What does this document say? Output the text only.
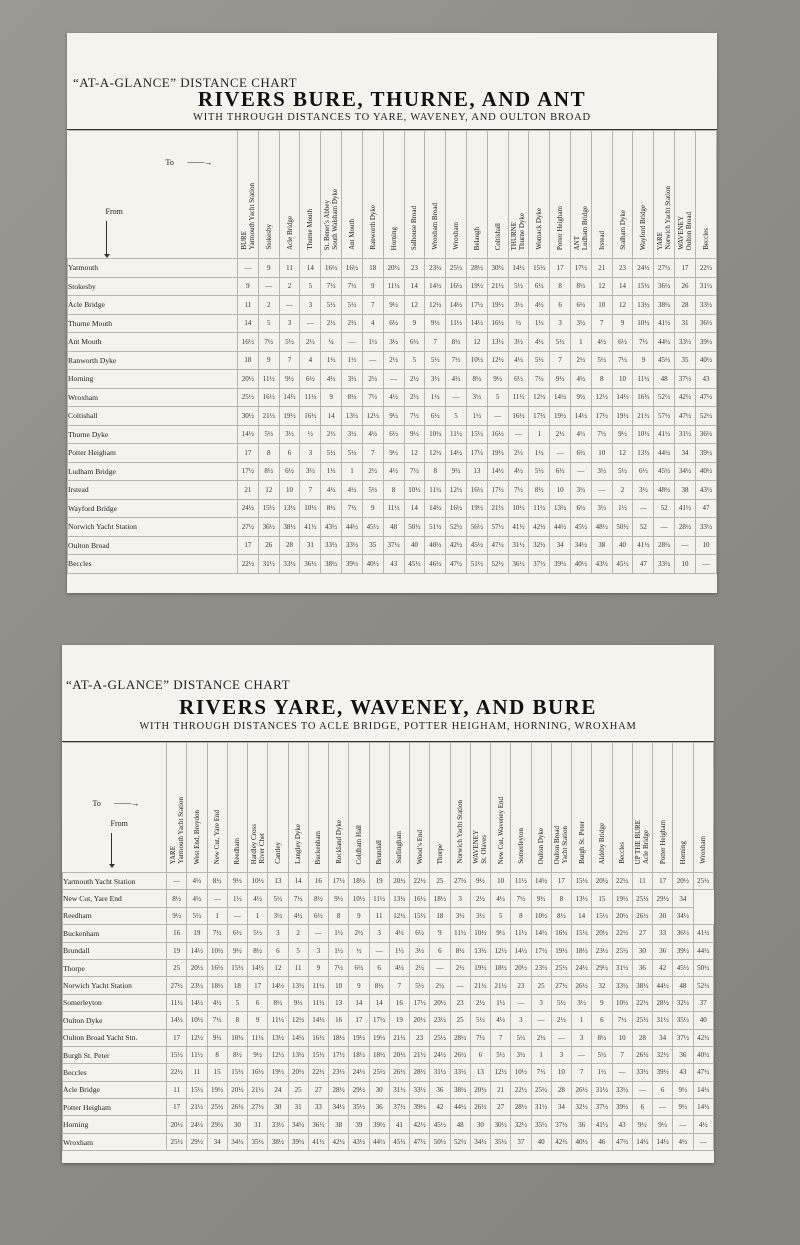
“AT-A-GLANCE” DISTANCE CHART
RIVERS BURE, THURNE, AND ANT
WITH THROUGH DISTANCES TO YARE, WAVENEY, AND OULTON BROAD
To ——→
From	BUREYarmouth Yacht Station	Stokesby	Acle Bridge	Thurne Mouth	St. Benet’s AbbeySouth Walsham Dyke	Ant Mouth	Ranworth Dyke	Horning	Salhouse Broad	Wroxham Broad	Wroxham	Belaugh	Coltishall	THURNEThurne Dyke	Womack Dyke	Potter Heigham	ANTLudham Bridge	Irstead	Stalham Dyke	Wayford Bridge	YARENorwich Yacht Station	WAVENEYOulton Broad	Beccles
Yarmouth	—	9	11	14	16½	16½	18	20½	23	23½	25½	28½	30½	14½	15½	17	17½	21	23	24½	27½	17	22½
Stokesby	9	—	2	5	7½	7½	9	11½	14	14½	16½	19½	21½	5½	6½	8	8½	12	14	15½	36½	26	31½
Acle Bridge	11	2	—	3	5½	5½	7	9½	12	12½	14½	17½	19½	3½	4½	6	6½	10	12	13½	38½	28	33½
Thurne Mouth	14	5	3	—	2½	2½	4	6½	9	9½	11½	14½	16½	½	1½	3	3½	7	9	10½	41½	31	36½
Ant Mouth	16½	7½	5½	2½	¼	—	1½	3½	6½	7	8½	12	13½	3½	4½	5½	1	4½	6½	7½	44½	33½	39½
Ranworth Dyke	18	9	7	4	1½	1½	—	2½	5	5½	7½	10½	12½	4½	5½	7	2½	5½	7½	9	45½	35	40½
Horning	20½	11½	9½	6½	4½	3½	2½	—	2½	3½	4½	8½	9½	6½	7½	9½	4½	8	10	11½	48	37½	43
Wroxham	25½	16½	14½	11½	9	8½	7½	4½	2½	1½	—	3½	5	11½	12½	14½	9½	12½	14½	16½	52½	42½	47½
Coltishall	30½	21½	19½	16½	14	13½	12½	9½	7½	6½	5	1½	—	16½	17½	19½	14½	17½	19½	21½	57½	47½	52½
Thurne Dyke	14½	5½	3½	½	2½	3½	4½	6½	9½	10½	11½	15½	16½	—	1	2½	4½	7½	9½	10½	41½	31½	36½
Potter Heigham	17	8	6	3	5½	5½	7	9½	12	12½	14½	17½	19½	2½	1½	—	6½	10	12	13½	44½	34	39½
Ludham Bridge	17½	8½	6½	3½	1½	1	2½	4½	7½	8	9½	13	14½	4½	5½	6½	—	3½	5½	6½	45½	34½	40½
Irstead	21	12	10	7	4½	4½	5½	8	10½	11½	12½	16½	17½	7½	8½	10	3½	—	2	3½	48½	38	43½
Wayford Bridge	24½	15½	13½	10½	8½	7½	9	11½	14	14½	16½	19½	21½	10½	11½	13½	6½	3½	1½	—	52	41½	47
Norwich Yacht Station	27½	36½	38½	41½	43½	44½	45½	48	50½	51½	52½	56½	57½	41½	42½	44½	45½	48½	50½	52	—	28½	33½
Oulton Broad	17	26	28	31	33½	33½	35	37½	40	40½	42½	45½	47½	31½	32½	34	34½	38	40	41½	28½	—	10
Beccles	22½	31½	33½	36½	38½	39½	40½	43	45½	46½	47½	51½	52½	36½	37½	39½	40½	43½	45½	47	33½	10	—
“AT-A-GLANCE” DISTANCE CHART
RIVERS YARE, WAVENEY, AND BURE
WITH THROUGH DISTANCES TO ACLE BRIDGE, POTTER HEIGHAM, HORNING, WROXHAM
To ——→
From	YAREYarmouth Yacht Station	West End, Breydon	New Cut, Yare End	Reedham	Hardley CrossRiver Chet	Cantley	Langley Dyke	Buckenham	Rockland Dyke	Coldham Hall	Brundall	Surlingham	Wood’s End	Thorpe	Norwich Yacht Station	WAVENEYSt. Olaves	New Cut, Waveney End	Somerleyton	Oulton Dyke	Oulton BroadYacht Station	Burgh St. Peter	Aldeby Bridge	Beccles	UP THE BUREAcle Bridge	Potter Heigham	Horning	Wroxham
Yarmouth Yacht Station	—	4½	8½	9½	10½	13	14	16	17½	18½	19	20½	22½	25	27½	9½	10	11½	14½	17	15½	20½	22½	11	17	20½	25½
New Cut, Yare End	8½	4½	—	1½	4½	5½	7½	8½	9½	10½	11½	13½	16½	18½	3	2½	4½	7½	9½	8	13½	15	19½	25½	29½	34	
Reedham	9½	5½	1	—	1	3½	4½	6½	8	9	11	12½	15½	18	3½	3½	5	8	10½	8½	14	15½	20½	26½	30	34½	
Buckenham	16	19	7½	6½	5½	3	2	—	1½	2½	3	4½	6½	9	11½	10½	9½	11½	14½	16½	15½	20½	22½	27	33	36½	41½
Brundall	19	14½	10½	9½	8½	6	5	3	1½	½	—	1½	3½	6	8½	13½	12½	14½	17½	19½	18½	23½	25½	30	36	39½	44½
Thorpe	25	20½	16½	15½	14½	12	11	9	7½	6½	6	4½	2½	—	2½	19½	18½	20½	23½	25½	24½	29½	31½	36	42	45½	50½
Norwich Yacht Station	27½	23½	18½	18	17	14½	13½	11½	10	9	8½	7	5½	2½	—	21½	21½	23	25	27½	26½	32	33½	38½	44½	48	52½
Somerleyton	11½	14½	4½	5	6	8½	9½	11½	13	14	14	16	17½	20½	23	2½	1½	—	3	5½	3½	9	10½	22½	28½	32½	37
Oulton Dyke	14½	10½	7½	8	9	11½	12½	14½	16	17	17½	19	20½	23½	25	5½	4½	3	—	2½	1	6	7½	25½	31½	35½	40
Oulton Broad Yacht Stn.	17	12½	9½	10½	11½	13½	14½	16½	18½	19½	19½	21½	23	25½	28½	7½	7	5½	2½	—	3	8½	10	28	34	37½	42½
Burgh St. Peter	15½	11½	8	8½	9½	12½	13½	15½	17½	18½	18½	20½	21½	24½	26½	6	5½	3½	1	3	—	5½	7	26½	32½	36	40½
Beccles	22½	11	15	15½	16½	19½	20½	22½	23½	24½	25½	26½	28½	31½	33½	13	12½	10½	7½	10	7	1½	—	33½	39½	43	47½
Acle Bridge	11	15½	19½	20½	21½	24	25	27	28½	29½	30	31½	33½	36	38½	20½	21	22½	25½	28	26½	31½	33½	—	6	9½	14½
Potter Heigham	17	21½	25½	26½	27½	30	31	33	34½	35½	36	37½	39½	42	44½	26½	27	28½	31½	34	32½	37½	39½	6	—	9½	14½
Horning	20½	24½	29½	30	31	33½	34½	36½	38	39	39½	41	42½	45½	48	30	30½	32½	35½	37½	36	41½	43	9½	9½	—	4½
Wroxham	25½	29½	34	34½	35½	38½	39½	41½	42½	43½	44½	45½	47½	50½	52½	34½	35½	37	40	42½	40½	46	47½	14½	14½	4½	—
